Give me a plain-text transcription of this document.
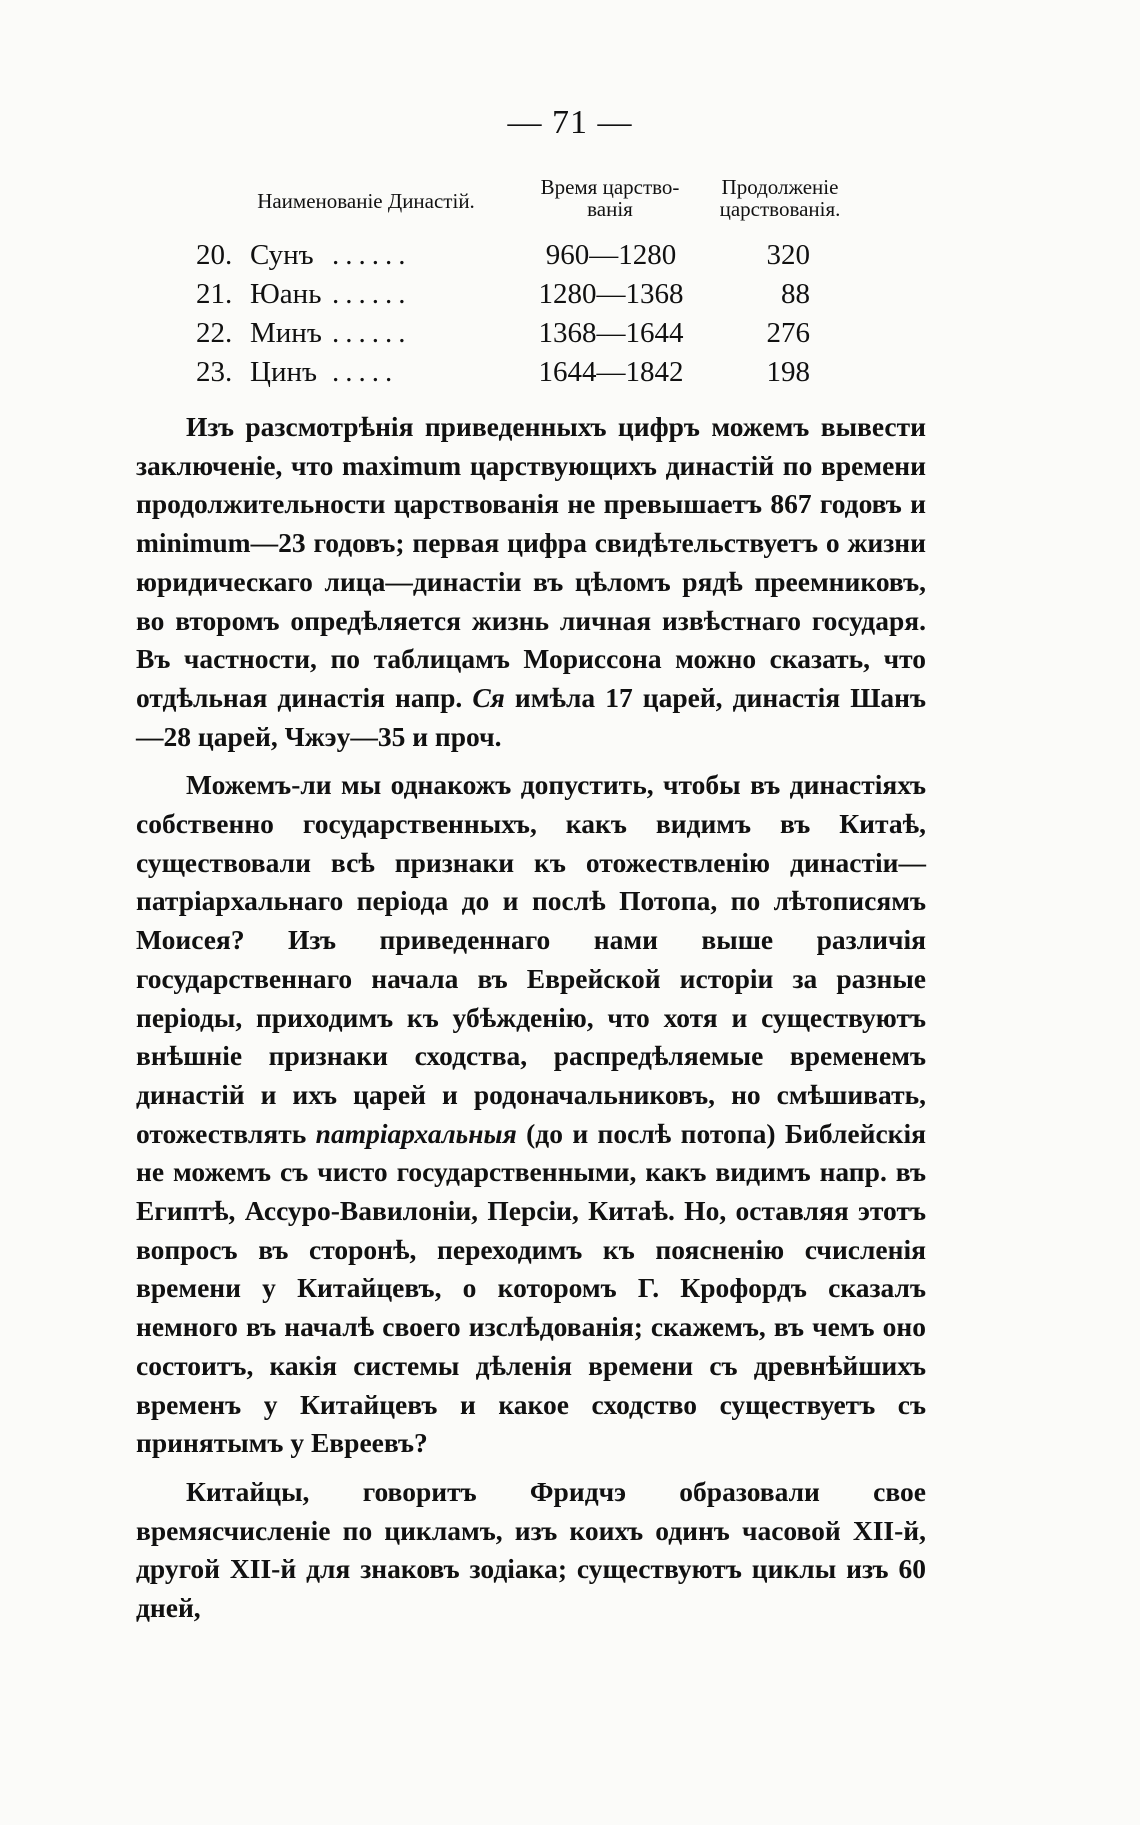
— 71 —
Наименованіе Династій.
Время царство-ванія
Продолженіе царствованія.
20. Сунъ ......	960—1280	320
21. Юань ......	1280—1368	88
22. Минъ ......	1368—1644	276
23. Цинъ .....	1644—1842	198

Изъ разсмотрѣнія приведенныхъ цифръ можемъ вывести заключеніе, что maximum царствующихъ династій по времени продолжительности царствованія не превышаетъ 867 годовъ и minimum—23 годовъ; первая цифра свидѣтельствуетъ о жизни юридическаго лица—династіи въ цѣломъ рядѣ преемниковъ, во второмъ опредѣляется жизнь личная извѣстнаго государя. Въ частности, по таблицамъ Мориссона можно сказать, что отдѣльная династія напр. Ся имѣла 17 царей, династія Шанъ—28 царей, Чжэу—35 и проч.

Можемъ-ли мы однакожъ допустить, чтобы въ династіяхъ собственно государственныхъ, какъ видимъ въ Китаѣ, существовали всѣ признаки къ отожествленію династіи—патріархальнаго періода до и послѣ Потопа, по лѣтописямъ Моисея? Изъ приведеннаго нами выше различія государственнаго начала въ Еврейской исторіи за разные періоды, приходимъ къ убѣжденію, что хотя и существуютъ внѣшніе признаки сходства, распредѣляемые временемъ династій и ихъ царей и родоначальниковъ, но смѣшивать, отожествлять патріархальныя (до и послѣ потопа) Библейскія не можемъ съ чисто государственными, какъ видимъ напр. въ Египтѣ, Ассуро-Вавилоніи, Персіи, Китаѣ. Но, оставляя этотъ вопросъ въ сторонѣ, переходимъ къ поясненію счисленія времени у Китайцевъ, о которомъ Г. Крофордъ сказалъ немного въ началѣ своего изслѣдованія; скажемъ, въ чемъ оно состоитъ, какія системы дѣленія времени съ древнѣйшихъ временъ у Китайцевъ и какое сходство существуетъ съ принятымъ у Евреевъ?

Китайцы, говоритъ Фридчэ образовали свое времясчисленіе по цикламъ, изъ коихъ одинъ часовой XII-й, другой XII-й для знаковъ зодіака; существуютъ циклы изъ 60 дней,
